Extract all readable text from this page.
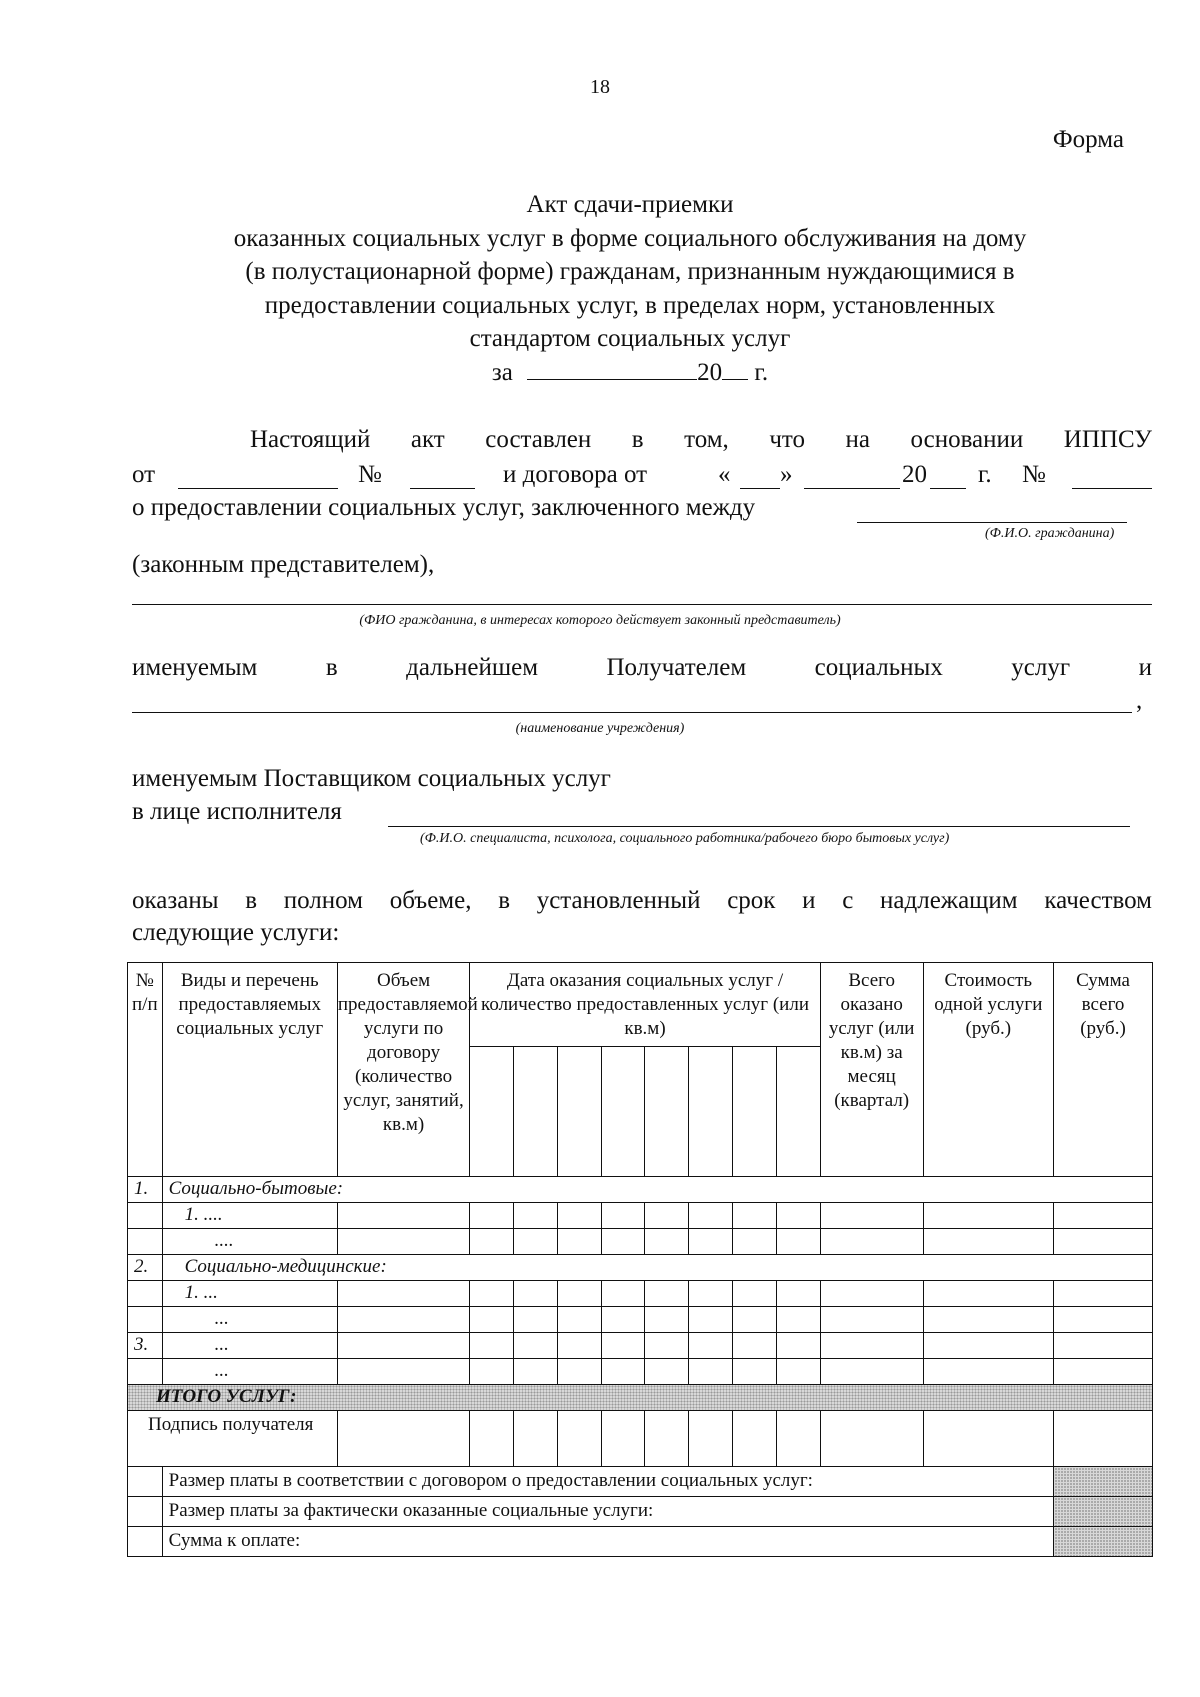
18
Форма
Акт сдачи-приемки
оказанных социальных услуг в форме социального обслуживания на дому
(в полустационарной форме) гражданам, признанным нуждающимися в
предоставлении социальных услуг, в пределах норм, установленных
стандартом социальных услуг
за	20 г.
Настоящий акт составлен в том, что на основании ИППСУ
от	№	и договора от	« »	20 г. №
о предоставлении социальных услуг, заключенного между
(Ф.И.О. гражданина)
(законным представителем),
(ФИО гражданина, в интересах которого действует законный представитель)
именуемым	в	дальнейшем	Получателем	социальных	услуг	и
,
(наименование учреждения)
именуемым Поставщиком социальных услуг
в лице исполнителя
(Ф.И.О. специалиста, психолога, социального работника/рабочего бюро бытовых услуг)
оказаны в полном объеме, в установленный срок и с надлежащим качеством
следующие услуги:
№ п/п	Виды и перечень предоставляемых социальных услуг	Объем предоставляемой услуги по договору (количество услуг, занятий, кв.м)	Дата оказания социальных услуг /количество предоставленных услуг (или кв.м)								Всего оказано услуг (или кв.м) за месяц (квартал)	Стоимость одной услуги (руб.)	Сумма всего (руб.)

1.	Социально-бытовые:												
	1. ....												
	....												
2.	Социально-медицинские:												
	1. ...												
	...												
3.	...												
	...												
ИТОГО УСЛУГ:													
Подпись получателя													
	Размер платы в соответствии с договором о предоставлении социальных услуг:												
	Размер платы за фактически оказанные социальные услуги:												
	Сумма к оплате:												
